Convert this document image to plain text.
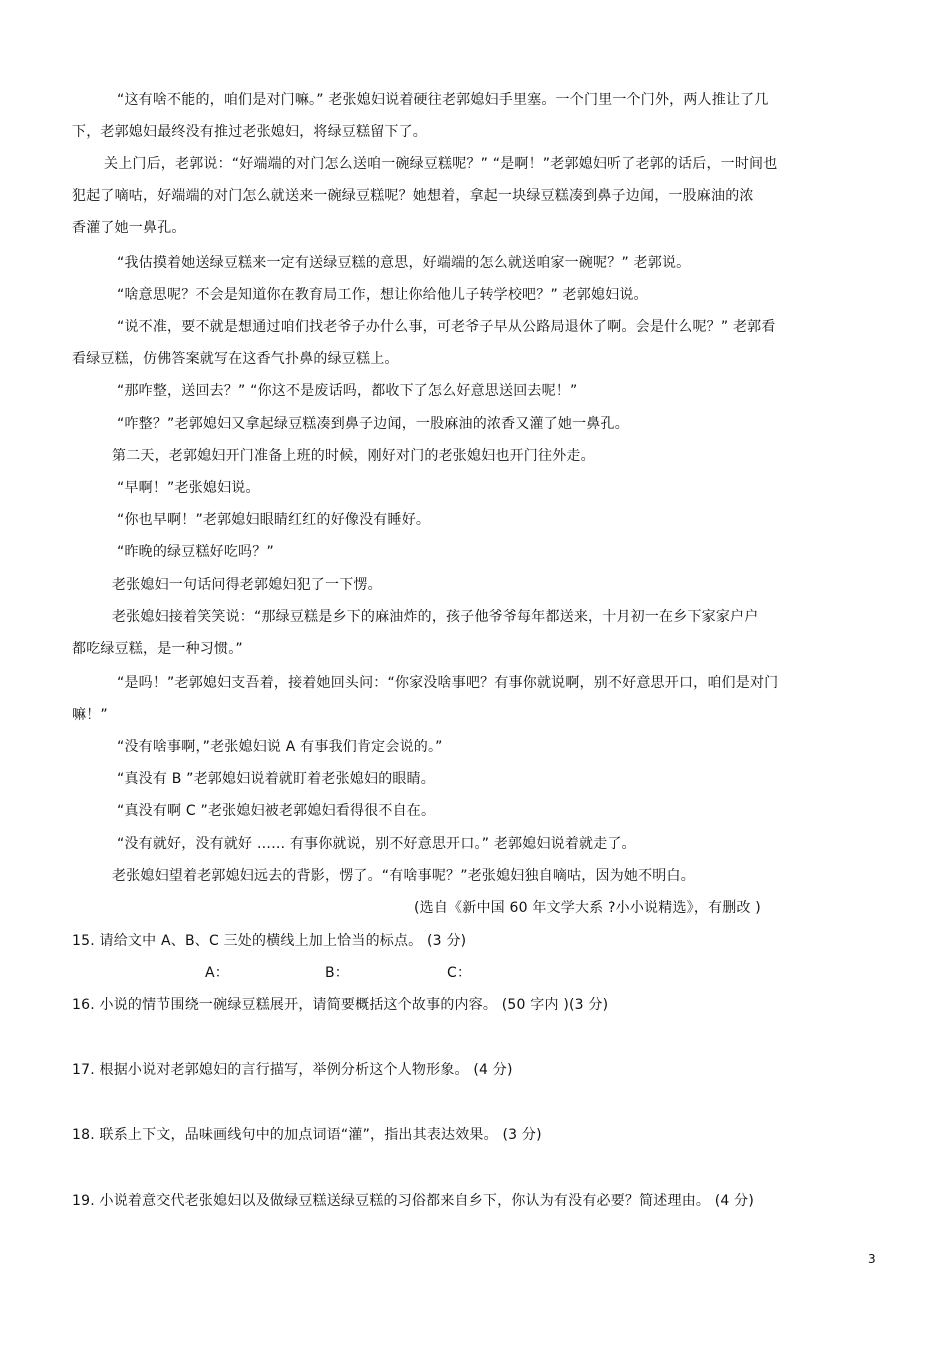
“这有啥不能的，咱们是对门嘛。” 老张媳妇说着硬往老郭媳妇手里塞。一个门里一个门外，两人推让了几
下，老郭媳妇最终没有推过老张媳妇，将绿豆糕留下了。
关上门后，老郭说：“好端端的对门怎么送咱一碗绿豆糕呢？” “是啊！”老郭媳妇听了老郭的话后，一时间也
犯起了嘀咕，好端端的对门怎么就送来一碗绿豆糕呢？她想着，拿起一块绿豆糕凑到鼻子边闻，一股麻油的浓
香灌了她一鼻孔。
“我估摸着她送绿豆糕来一定有送绿豆糕的意思，好端端的怎么就送咱家一碗呢？” 老郭说。
“啥意思呢？不会是知道你在教育局工作，想让你给他儿子转学校吧？” 老郭媳妇说。
“说不准，要不就是想通过咱们找老爷子办什么事，可老爷子早从公路局退休了啊。会是什么呢？” 老郭看
看绿豆糕，仿佛答案就写在这香气扑鼻的绿豆糕上。
“那咋整，送回去？” “你这不是废话吗，都收下了怎么好意思送回去呢！”
“咋整？”老郭媳妇又拿起绿豆糕凑到鼻子边闻，一股麻油的浓香又灌了她一鼻孔。
第二天，老郭媳妇开门准备上班的时候，刚好对门的老张媳妇也开门往外走。
“早啊！”老张媳妇说。
“你也早啊！”老郭媳妇眼睛红红的好像没有睡好。
“昨晚的绿豆糕好吃吗？”
老张媳妇一句话问得老郭媳妇犯了一下愣。
老张媳妇接着笑笑说：“那绿豆糕是乡下的麻油炸的，孩子他爷爷每年都送来，十月初一在乡下家家户户
都吃绿豆糕，是一种习惯。”
“是吗！”老郭媳妇支吾着，接着她回头问：“你家没啥事吧？有事你就说啊，别不好意思开口，咱们是对门
嘛！”
“没有啥事啊，”老张媳妇说 A 有事我们肯定会说的。”
“真没有 B ”老郭媳妇说着就盯着老张媳妇的眼睛。
“真没有啊 C ”老张媳妇被老郭媳妇看得很不自在。
“没有就好，没有就好 …… 有事你就说，别不好意思开口。” 老郭媳妇说着就走了。
老张媳妇望着老郭媳妇远去的背影，愣了。“有啥事呢？”老张媳妇独自嘀咕，因为她不明白。
(选自《新中国 60 年文学大系 ?小小说精选》，有删改 )
15. 请给文中 A、B、C 三处的横线上加上恰当的标点。 (3 分)
A：	B：	C：
16. 小说的情节围绕一碗绿豆糕展开，请简要概括这个故事的内容。 (50 字内 )(3 分)
17. 根据小说对老郭媳妇的言行描写，举例分析这个人物形象。 (4 分)
18. 联系上下文，品味画线句中的加点词语“灌”，指出其表达效果。 (3 分)
19. 小说着意交代老张媳妇以及做绿豆糕送绿豆糕的习俗都来自乡下，你认为有没有必要？简述理由。 (4 分)
3
